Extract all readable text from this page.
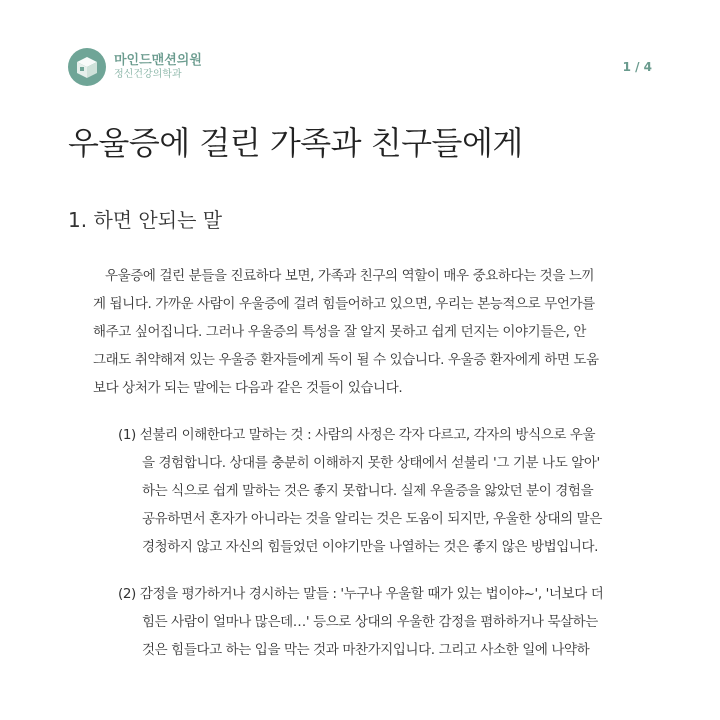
마인드맨션의원
정신건강의학과
1 / 4
우울증에 걸린 가족과 친구들에게
1. 하면 안되는 말
우울증에 걸린 분들을 진료하다 보면, 가족과 친구의 역할이 매우 중요하다는 것을 느끼
게 됩니다. 가까운 사람이 우울증에 걸려 힘들어하고 있으면, 우리는 본능적으로 무언가를
해주고 싶어집니다. 그러나 우울증의 특성을 잘 알지 못하고 쉽게 던지는 이야기들은, 안
그래도 취약해져 있는 우울증 환자들에게 독이 될 수 있습니다. 우울증 환자에게 하면 도움
보다 상처가 되는 말에는 다음과 같은 것들이 있습니다.
(1) 섣불리 이해한다고 말하는 것 : 사람의 사정은 각자 다르고, 각자의 방식으로 우울
을 경험합니다. 상대를 충분히 이해하지 못한 상태에서 섣불리 '그 기분 나도 알아'
하는 식으로 쉽게 말하는 것은 좋지 못합니다. 실제 우울증을 앓았던 분이 경험을
공유하면서 혼자가 아니라는 것을 알리는 것은 도움이 되지만, 우울한 상대의 말은
경청하지 않고 자신의 힘들었던 이야기만을 나열하는 것은 좋지 않은 방법입니다.
(2) 감정을 평가하거나 경시하는 말들 : '누구나 우울할 때가 있는 법이야~', '너보다 더
힘든 사람이 얼마나 많은데…' 등으로 상대의 우울한 감정을 폄하하거나 묵살하는
것은 힘들다고 하는 입을 막는 것과 마찬가지입니다. 그리고 사소한 일에 나약하
